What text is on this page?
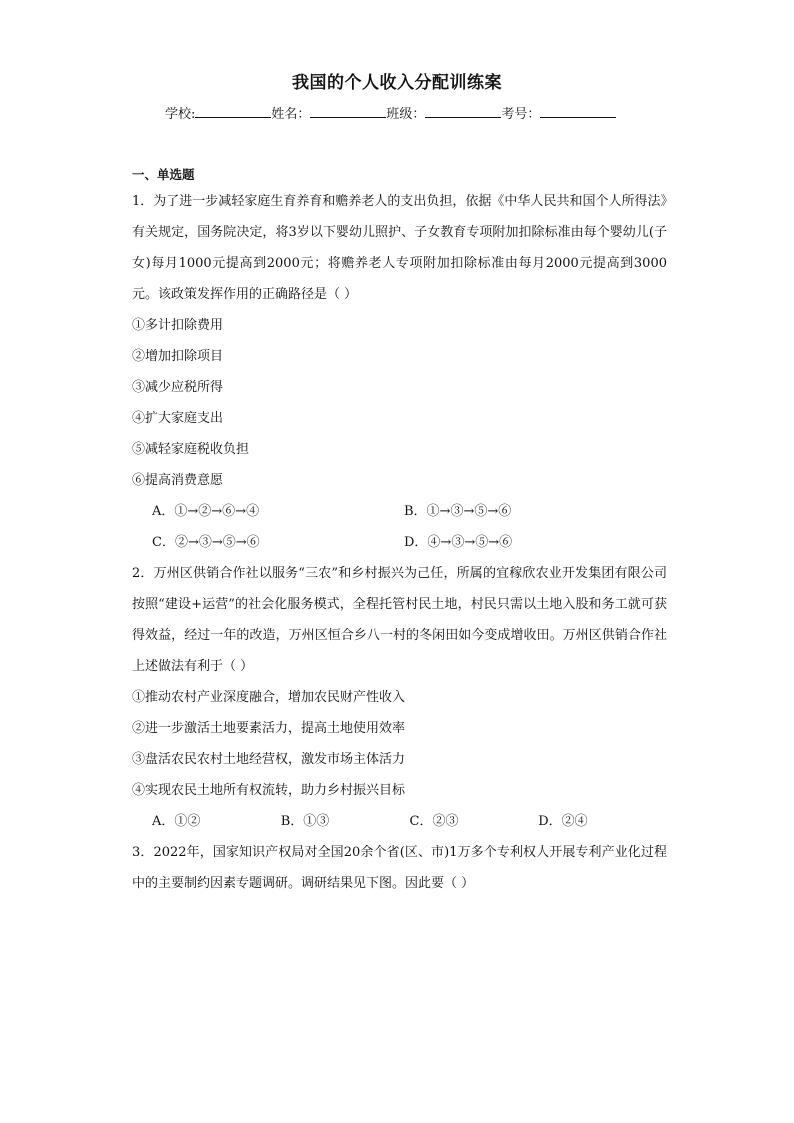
我国的个人收入分配训练案
学校:	姓名：	班级：	考号：
一、单选题

1．为了进一步减轻家庭生育养育和赡养老人的支出负担，依据《中华人民共和国个人所得法》有关规定，国务院决定，将3岁以下婴幼儿照护、子女教育专项附加扣除标准由每个婴幼儿(子女)每月1000元提高到2000元；将赡养老人专项附加扣除标准由每月2000元提高到3000元。该政策发挥作用的正确路径是（ ）

①多计扣除费用
②增加扣除项目
③减少应税所得
④扩大家庭支出
⑤减轻家庭税收负担
⑥提高消费意愿
A．①→②→⑥→④	B．①→③→⑤→⑥
C．②→③→⑤→⑥	D．④→③→⑤→⑥

2．万州区供销合作社以服务“三农”和乡村振兴为己任，所属的宜稼欣农业开发集团有限公司按照“建设+运营”的社会化服务模式，全程托管村民土地，村民只需以土地入股和务工就可获得效益，经过一年的改造，万州区恒合乡八一村的冬闲田如今变成增收田。万州区供销合作社上述做法有利于（ ）

①推动农村产业深度融合，增加农民财产性收入
②进一步激活土地要素活力，提高土地使用效率
③盘活农民农村土地经营权，激发市场主体活力
④实现农民土地所有权流转，助力乡村振兴目标
A．①②	B．①③	C．②③	D．②④

3．2022年，国家知识产权局对全国20余个省(区、市)1万多个专利权人开展专利产业化过程中的主要制约因素专题调研。调研结果见下图。因此要（ ）
